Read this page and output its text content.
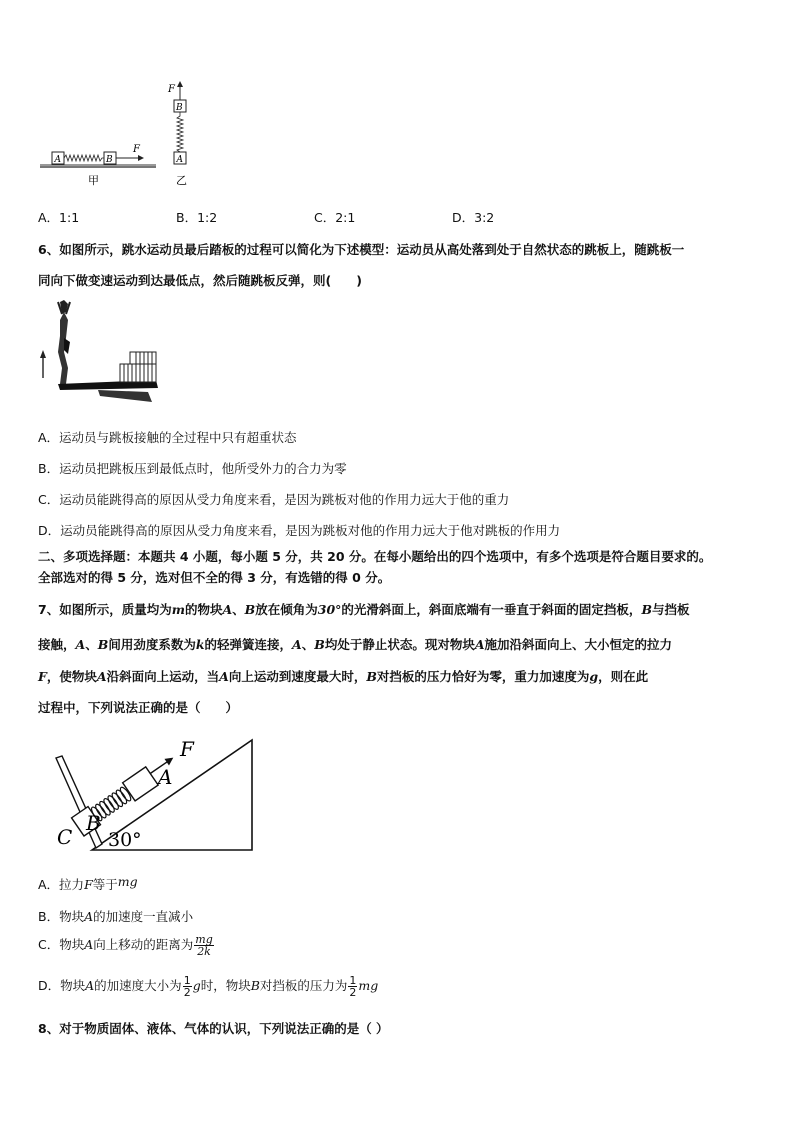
A	B
F
甲
A
B
F
乙
A．1:1	B．1:2	C．2:1	D．3:2
6、如图所示，跳水运动员最后踏板的过程可以简化为下述模型：运动员从高处落到处于自然状态的跳板上，随跳板一
同向下做变速运动到达最低点，然后随跳板反弹，则(　　)
A．运动员与跳板接触的全过程中只有超重状态
B．运动员把跳板压到最低点时，他所受外力的合力为零
C．运动员能跳得高的原因从受力角度来看，是因为跳板对他的作用力远大于他的重力
D．运动员能跳得高的原因从受力角度来看，是因为跳板对他的作用力远大于他对跳板的作用力
二、多项选择题：本题共 4 小题，每小题 5 分，共 20 分。在每小题给出的四个选项中，有多个选项是符合题目要求的。
全部选对的得 5 分，选对但不全的得 3 分，有选错的得 0 分。
7、如图所示，质量均为m的物块A、B放在倾角为30°的光滑斜面上，斜面底端有一垂直于斜面的固定挡板，B与挡板
接触，A、B间用劲度系数为k的轻弹簧连接，A、B均处于静止状态。现对物块A施加沿斜面向上、大小恒定的拉力
F，使物块A沿斜面向上运动，当A向上运动到速度最大时，B对挡板的压力恰好为零，重力加速度为g，则在此
过程中，下列说法正确的是（　　）
C
B
A
F
30°
A．拉力F等于mg
B．物块A的加速度一直减小
C．物块A向上移动的距离为 $\frac{mg}{2k}$
D．物块A的加速度大小为 $\frac{1}{2}$ g时，物块B对挡板的压力为 $\frac{1}{2}$ mg
8、对于物质固体、液体、气体的认识，下列说法正确的是（ ）
